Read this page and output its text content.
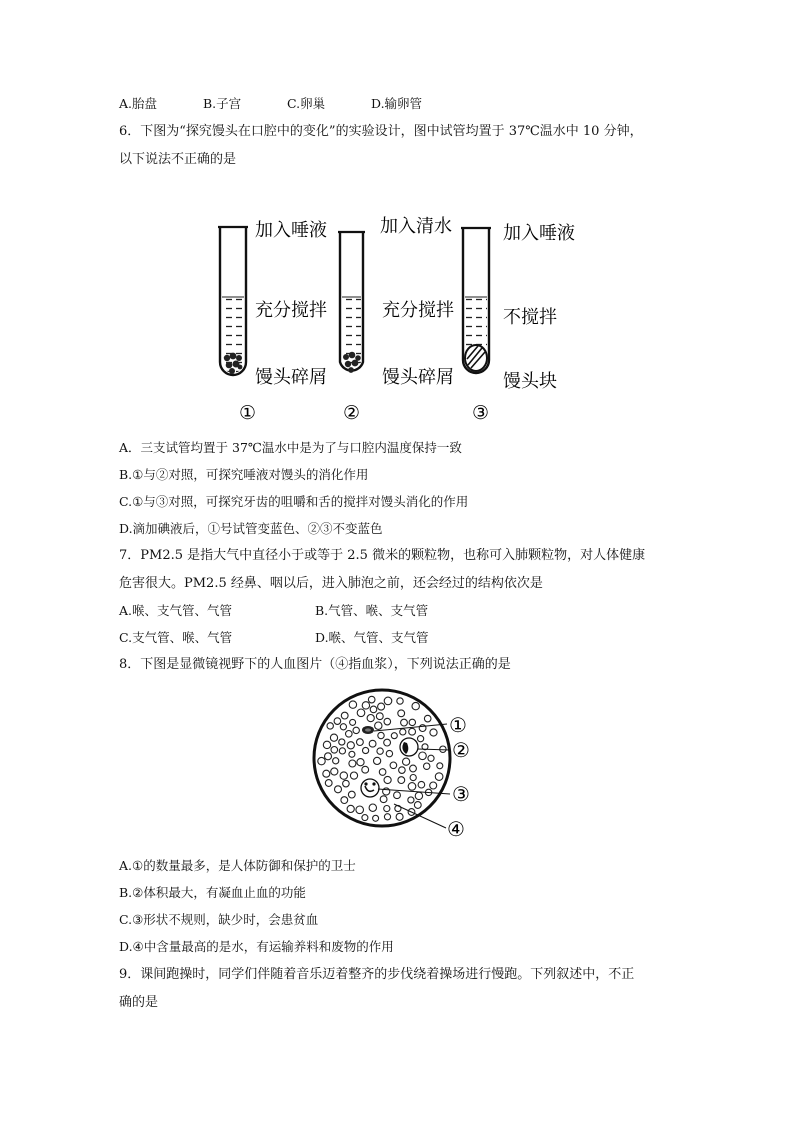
A.胎盘	B.子宫	C.卵巢	D.输卵管
6．下图为“探究馒头在口腔中的变化”的实验设计，图中试管均置于 37℃温水中 10 分钟，
以下说法不正确的是
加入唾液
充分搅拌
馒头碎屑
①
加入清水
充分搅拌
馒头碎屑
②
加入唾液
不搅拌
馒头块
③
A．三支试管均置于 37℃温水中是为了与口腔内温度保持一致
B.①与②对照，可探究唾液对馒头的消化作用
C.①与③对照，可探究牙齿的咀嚼和舌的搅拌对馒头消化的作用
D.滴加碘液后，①号试管变蓝色、②③不变蓝色
7．PM2.5 是指大气中直径小于或等于 2.5 微米的颗粒物，也称可入肺颗粒物，对人体健康
危害很大。PM2.5 经鼻、咽以后，进入肺泡之前，还会经过的结构依次是
A.喉、支气管、气管	B.气管、喉、支气管
C.支气管、喉、气管	D.喉、气管、支气管
8．下图是显微镜视野下的人血图片（④指血浆），下列说法正确的是
①
②
③
④
A.①的数量最多，是人体防御和保护的卫士
B.②体积最大，有凝血止血的功能
C.③形状不规则，缺少时，会患贫血
D.④中含量最高的是水，有运输养料和废物的作用
9．课间跑操时，同学们伴随着音乐迈着整齐的步伐绕着操场进行慢跑。下列叙述中，不正
确的是
